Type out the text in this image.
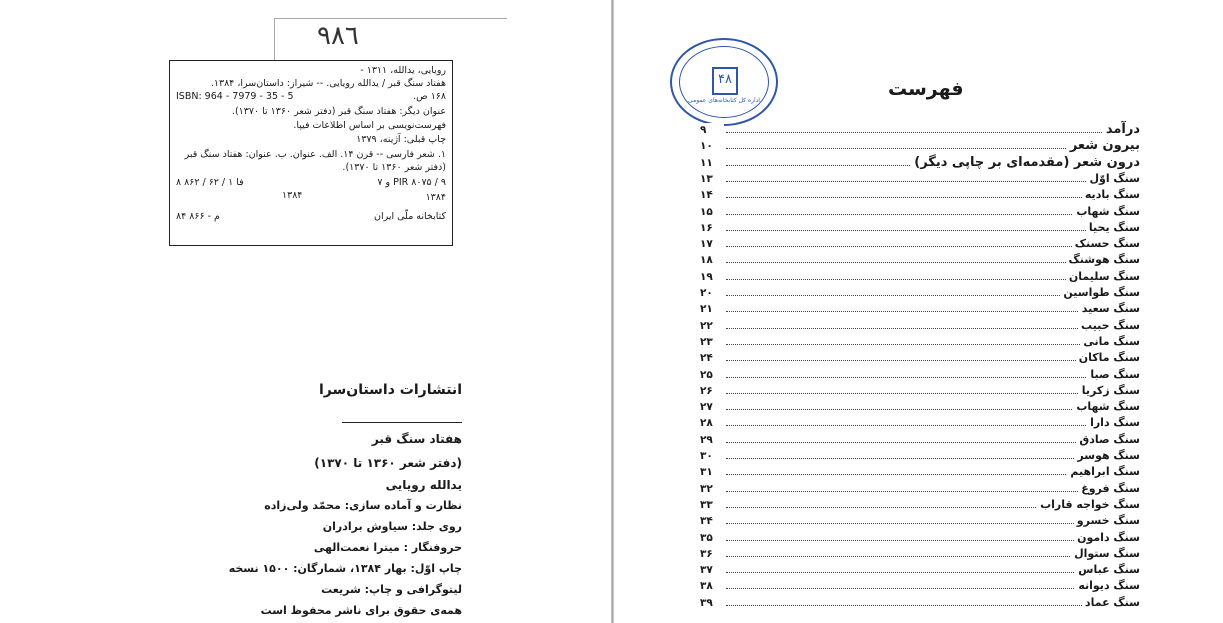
۹۸٦
رویایی، یدالله، ۱۳۱۱ -
هفتاد سنگ قبر / یدالله رویایی. -- شیراز: داستان‌سرا، ۱۳۸۴.
۱۶۸ ص.
ISBN: 964 - 7979 - 35 - 5
عنوان دیگر: هفتاد سنگ قبر (دفتر شعر ۱۳۶۰ تا ۱۳۷۰).
فهرست‌نویسی بر اساس اطلاعات فیپا.
چاپ قبلی: آژینه، ۱۳۷۹
۱. شعر فارسی -- قرن ۱۴. الف. عنوان. ب. عنوان: هفتاد سنگ قبر
(دفتر شعر ۱۳۶۰ تا ۱۳۷۰).
PIR ۸۰۷۵ / ۹ و ۷
۸ فا ۱ / ۶۲ / ۸۶۲
۱۳۸۴
۱۳۸۴
کتابخانه ملّی ایران
۸۴ م - ۸۶۶
انتشارات داستان‌سرا
هفتاد سنگ قبر
(دفتر شعر ۱۳۶۰ تا ۱۳۷۰)
یدالله رویایی
نظارت و آماده سازی: محمّد ولی‌زاده
روی جلد: سیاوش برادران
حروفنگار : میترا نعمت‌الهی
چاپ اوّل: بهار ۱۳۸۴، شمارگان: ۱۵۰۰ نسخه
لیتوگرافی و چاپ: شریعت
همه‌ی حقوق برای ناشر محفوظ است
۴۸
اداره کل کتابخانه‌های عمومی
فهرست
درآمد
۹
بیرون شعر
۱۰
درون شعر (مقدمه‌ای بر چاپی دیگر)
۱۱
سنگ اوّل
۱۳
سنگ بادیه
۱۴
سنگ شهاب
۱۵
سنگ یحیا
۱۶
سنگ حسنک
۱۷
سنگ هوشنگ
۱۸
سنگ سلیمان
۱۹
سنگ طواسین
۲۰
سنگ سعید
۲۱
سنگ حبیب
۲۲
سنگ مانی
۲۳
سنگ ماکان
۲۴
سنگ صبا
۲۵
سنگ زکریا
۲۶
سنگ شهاب
۲۷
سنگ دارا
۲۸
سنگ صادق
۲۹
سنگ هوسر
۳۰
سنگ ابراهیم
۳۱
سنگ فروغ
۳۲
سنگ خواجه قاراب
۳۳
سنگ خسرو
۳۴
سنگ دامون
۳۵
سنگ ستوال
۳۶
سنگ عباس
۳۷
سنگ دیوانه
۳۸
سنگ عماد
۳۹
